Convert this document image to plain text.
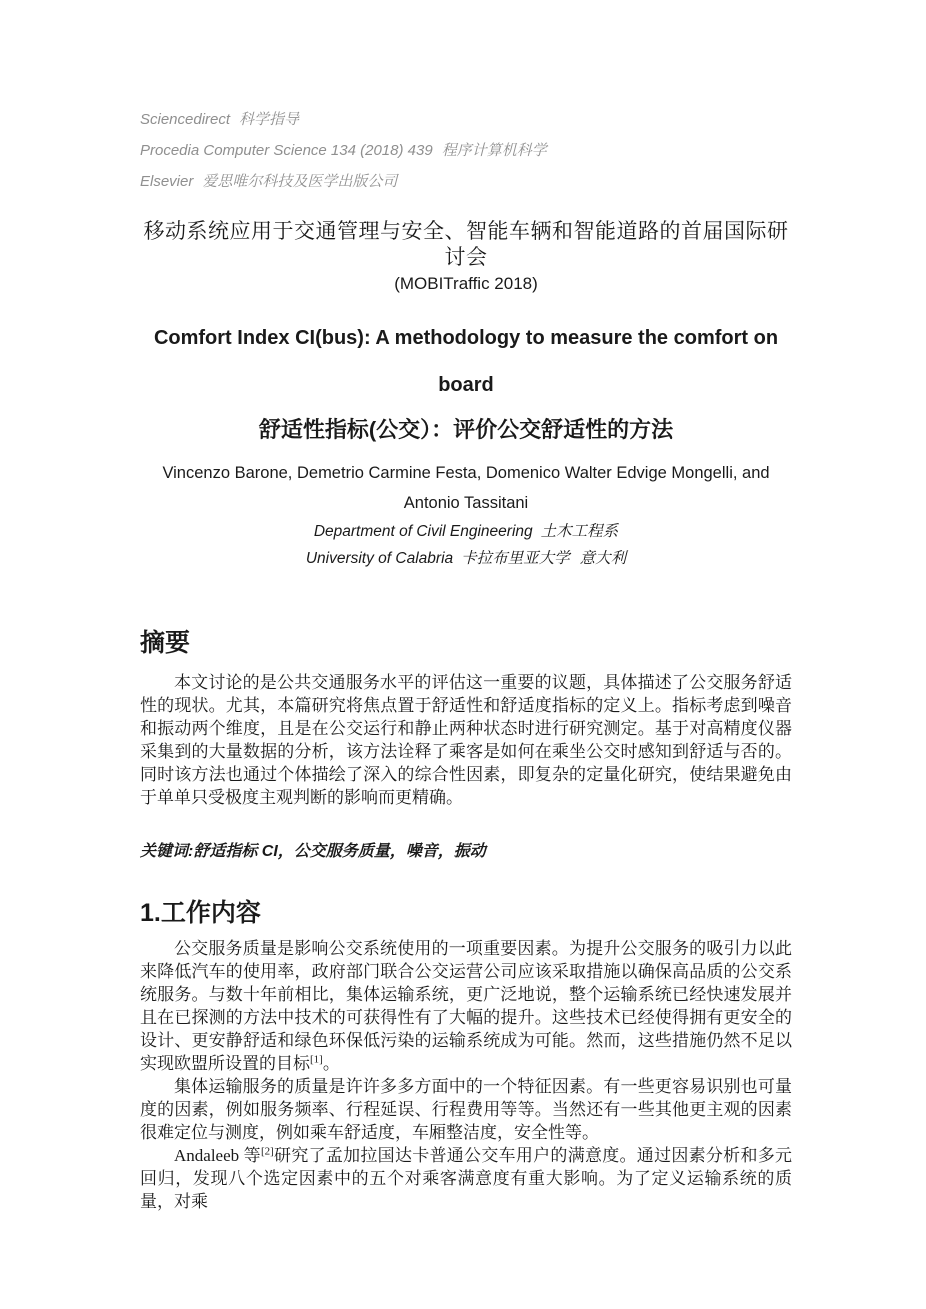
Sciencedirect 科学指导
Procedia Computer Science 134 (2018) 439 程序计算机科学
Elsevier 爱思唯尔科技及医学出版公司
移动系统应用于交通管理与安全、智能车辆和智能道路的首届国际研讨会
(MOBITraffic 2018)
Comfort Index CI(bus): A methodology to measure the comfort on
board
舒适性指标(公交）：评价公交舒适性的方法
Vincenzo Barone, Demetrio Carmine Festa, Domenico Walter Edvige Mongelli, and
Antonio Tassitani
Department of Civil Engineering 土木工程系
University of Calabria 卡拉布里亚大学 意大利
摘要

本文讨论的是公共交通服务水平的评估这一重要的议题，具体描述了公交服务舒适性的现状。尤其，本篇研究将焦点置于舒适性和舒适度指标的定义上。指标考虑到噪音和振动两个维度，且是在公交运行和静止两种状态时进行研究测定。基于对高精度仪器采集到的大量数据的分析，该方法诠释了乘客是如何在乘坐公交时感知到舒适与否的。同时该方法也通过个体描绘了深入的综合性因素，即复杂的定量化研究，使结果避免由于单单只受极度主观判断的影响而更精确。

关键词:舒适指标 CI，公交服务质量，噪音，振动
1.工作内容

公交服务质量是影响公交系统使用的一项重要因素。为提升公交服务的吸引力以此来降低汽车的使用率，政府部门联合公交运营公司应该采取措施以确保高品质的公交系统服务。与数十年前相比，集体运输系统，更广泛地说，整个运输系统已经快速发展并且在已探测的方法中技术的可获得性有了大幅的提升。这些技术已经使得拥有更安全的设计、更安静舒适和绿色环保低污染的运输系统成为可能。然而，这些措施仍然不足以实现欧盟所设置的目标[1]。

集体运输服务的质量是许许多多方面中的一个特征因素。有一些更容易识别也可量度的因素，例如服务频率、行程延误、行程费用等等。当然还有一些其他更主观的因素很难定位与测度，例如乘车舒适度，车厢整洁度，安全性等。

Andaleeb 等[2]研究了孟加拉国达卡普通公交车用户的满意度。通过因素分析和多元回归，发现八个选定因素中的五个对乘客满意度有重大影响。为了定义运输系统的质量，对乘
